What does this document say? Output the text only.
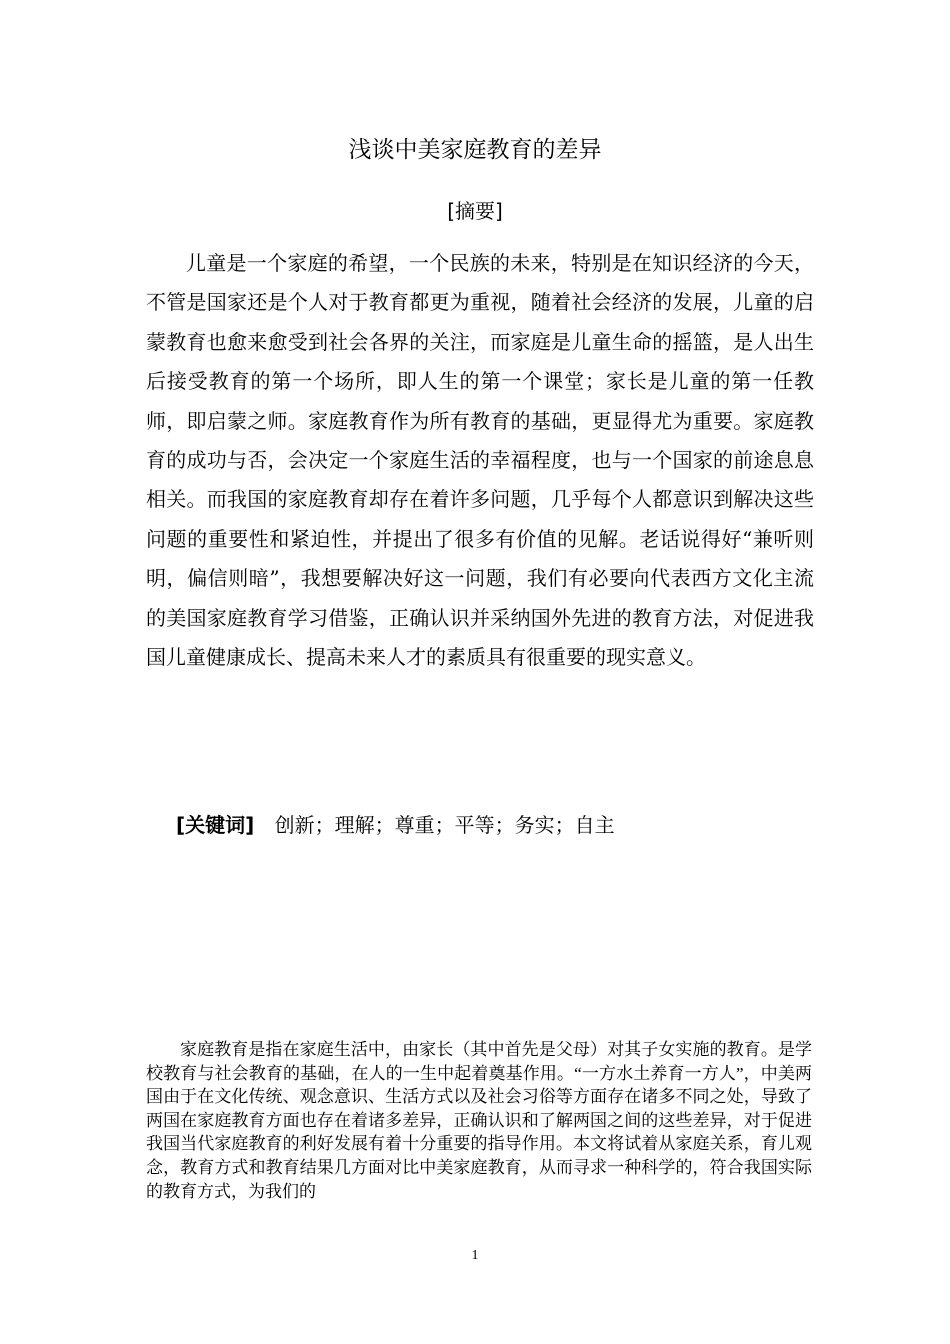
浅谈中美家庭教育的差异
[摘要]

儿童是一个家庭的希望，一个民族的未来，特别是在知识经济的今天，不管是国家还是个人对于教育都更为重视，随着社会经济的发展，儿童的启蒙教育也愈来愈受到社会各界的关注，而家庭是儿童生命的摇篮，是人出生后接受教育的第一个场所，即人生的第一个课堂；家长是儿童的第一任教师，即启蒙之师。家庭教育作为所有教育的基础，更显得尤为重要。家庭教育的成功与否，会决定一个家庭生活的幸福程度，也与一个国家的前途息息相关。而我国的家庭教育却存在着许多问题，几乎每个人都意识到解决这些问题的重要性和紧迫性，并提出了很多有价值的见解。老话说得好“兼听则明，偏信则暗”，我想要解决好这一问题，我们有必要向代表西方文化主流的美国家庭教育学习借鉴，正确认识并采纳国外先进的教育方法，对促进我国儿童健康成长、提高未来人才的素质具有很重要的现实意义。

[关键词] 创新；理解；尊重；平等；务实；自主

家庭教育是指在家庭生活中，由家长（其中首先是父母）对其子女实施的教育。是学校教育与社会教育的基础，在人的一生中起着奠基作用。“一方水土养育一方人”，中美两国由于在文化传统、观念意识、生活方式以及社会习俗等方面存在诸多不同之处，导致了两国在家庭教育方面也存在着诸多差异，正确认识和了解两国之间的这些差异，对于促进我国当代家庭教育的利好发展有着十分重要的指导作用。本文将试着从家庭关系，育儿观念，教育方式和教育结果几方面对比中美家庭教育，从而寻求一种科学的，符合我国实际的教育方式，为我们的

1
